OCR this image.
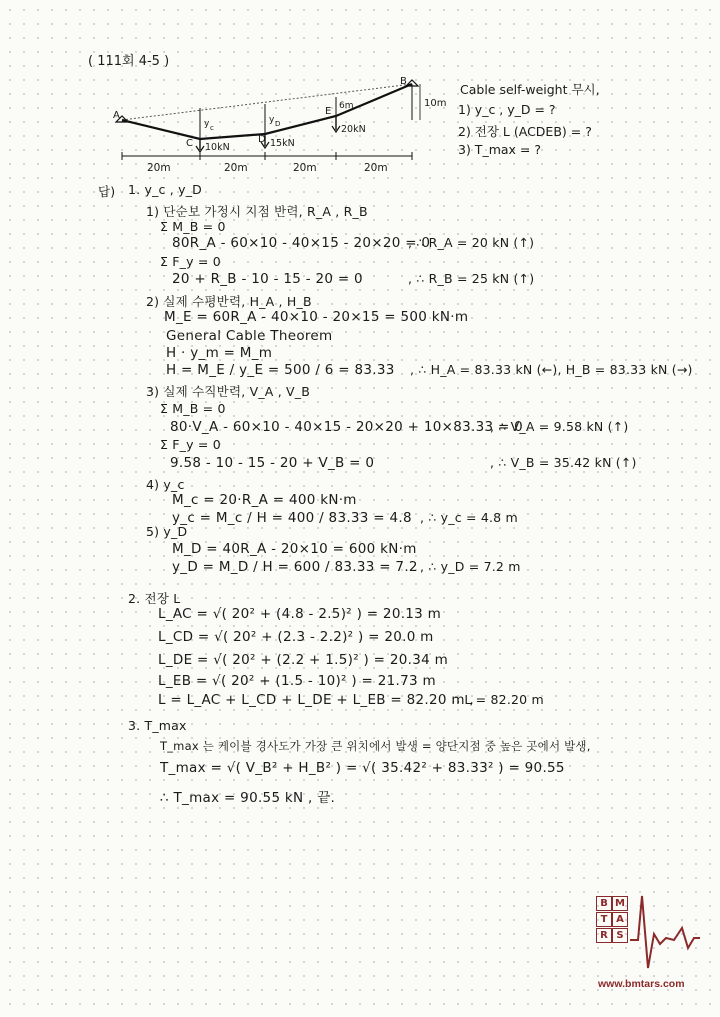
( 111회 4-5 )
A
B
C	D
E
y c
y D
6m	10m
10kN	15kN
20kN
20m	20m	20m	20m
Cable self-weight 무시,
1) y_c , y_D = ?
2) 전장 L (ACDEB) = ?
3) T_max = ?
답) 1. y_c , y_D
1) 단순보 가정시 지점 반력, R_A , R_B
Σ M_B = 0
80R_A - 60×10 - 40×15 - 20×20 = 0
, ∴ R_A = 20 kN (↑)
Σ F_y = 0
20 + R_B - 10 - 15 - 20 = 0	, ∴ R_B = 25 kN (↑)
2) 실제 수평반력, H_A , H_B
M_E = 60R_A - 40×10 - 20×15 = 500 kN·m
General Cable Theorem
H · y_m = M_m
H = M_E / y_E = 500 / 6 = 83.33 , ∴ H_A = 83.33 kN (←), H_B = 83.33 kN (→)
3) 실제 수직반력, V_A , V_B
Σ M_B = 0
80·V_A - 60×10 - 40×15 - 20×20 + 10×83.33 = 0
, ∴ V_A = 9.58 kN (↑)
Σ F_y = 0
9.58 - 10 - 15 - 20 + V_B = 0	, ∴ V_B = 35.42 kN (↑)
4) y_c
M_c = 20·R_A = 400 kN·m
y_c = M_c / H = 400 / 83.33 = 4.8 , ∴ y_c = 4.8 m
5) y_D
M_D = 40R_A - 20×10 = 600 kN·m
y_D = M_D / H = 600 / 83.33 = 7.2 , ∴ y_D = 7.2 m
2. 전장 L
L_AC = √( 20² + (4.8 - 2.5)² ) = 20.13 m
L_CD = √( 20² + (2.3 - 2.2)² ) = 20.0 m
L_DE = √( 20² + (2.2 + 1.5)² ) = 20.34 m
L_EB = √( 20² + (1.5 - 10)² ) = 21.73 m
L = L_AC + L_CD + L_DE + L_EB = 82.20 m ,
∴ L = 82.20 m
3. T_max
T_max 는 케이블 경사도가 가장 큰 위치에서 발생 = 양단지점 중 높은 곳에서 발생,
T_max = √( V_B² + H_B² ) = √( 35.42² + 83.33² ) = 90.55
∴ T_max = 90.55 kN , 끝.
B M
T A
R S
www.bmtars.com
